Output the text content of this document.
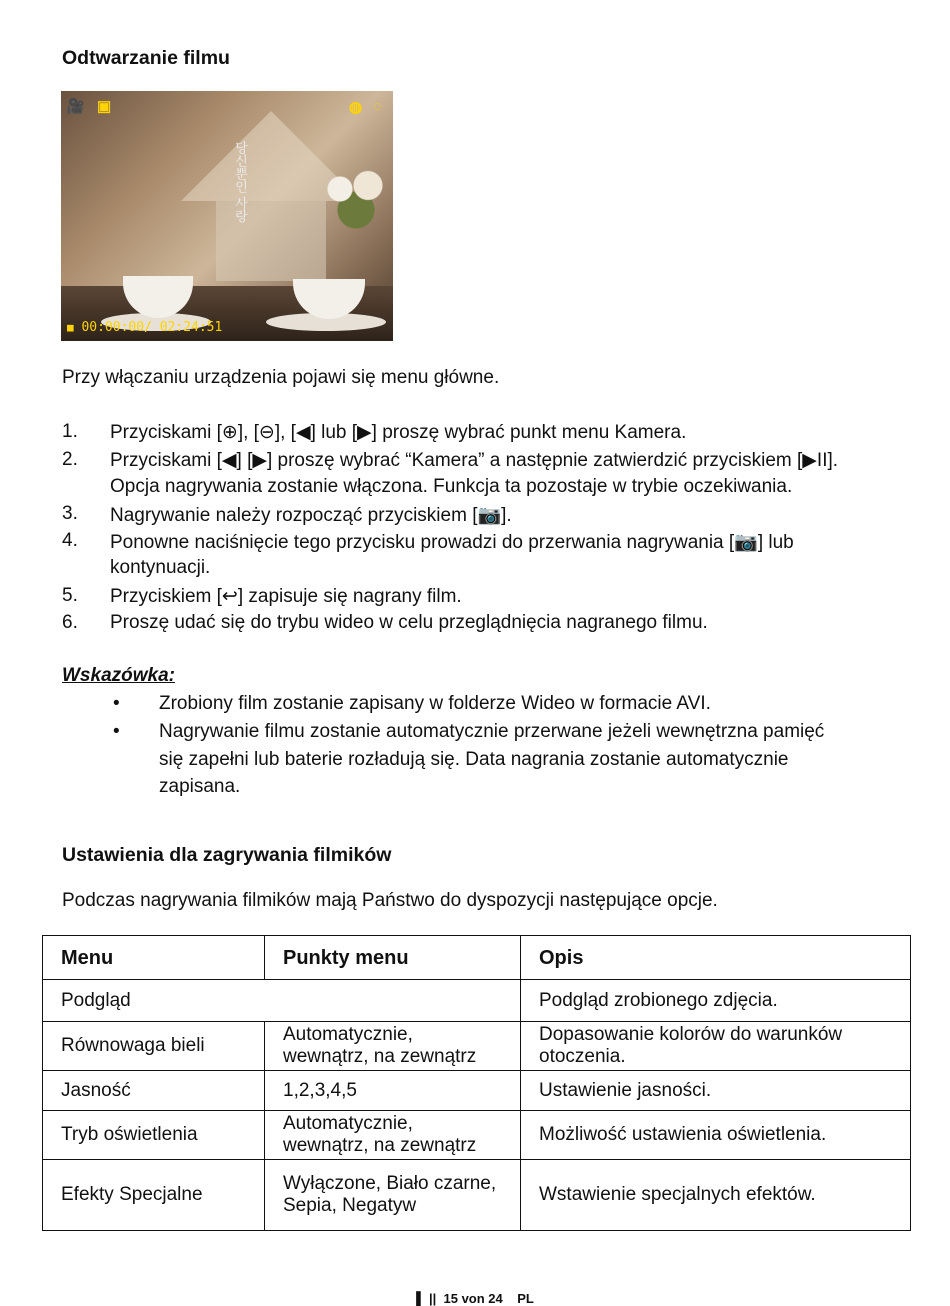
Odtwarzanie filmu
당신뿐인 사랑
🎥 ▣	◍ ◌
■ 00:00:00/ 02:24:51
Przy włączaniu urządzenia pojawi się menu główne.
1. Przyciskami [⊕], [⊖], [◀] lub [▶] proszę wybrać punkt menu Kamera.
2. Przyciskami [◀] [▶] proszę wybrać “Kamera” a następnie zatwierdzić przyciskiem [▶II].
Opcja nagrywania zostanie włączona. Funkcja ta pozostaje w trybie oczekiwania.
3. Nagrywanie należy rozpocząć przyciskiem [📷].
4. Ponowne naciśnięcie tego przycisku prowadzi do przerwania nagrywania [📷] lub
kontynuacji.
5. Przyciskiem [↩] zapisuje się nagrany film.
6. Proszę udać się do trybu wideo w celu przeglądnięcia nagranego filmu.
Wskazówka:
• Zrobiony film zostanie zapisany w folderze Wideo w formacie AVI.
• Nagrywanie filmu zostanie automatycznie przerwane jeżeli wewnętrzna pamięć
się zapełni lub baterie rozładują się. Data nagrania zostanie automatycznie
zapisana.
Ustawienia dla zagrywania filmików
Podczas nagrywania filmików mają Państwo do dyspozycji następujące opcje.
Menu	Punkty menu	Opis
Podgląd		Podgląd zrobionego zdjęcia.
Równowaga bieli	Automatycznie, wewnątrz, na zewnątrz	Dopasowanie kolorów do warunków otoczenia.
Jasność	1,2,3,4,5	Ustawienie jasności.
Tryb oświetlenia	Automatycznie, wewnątrz, na zewnątrz	Możliwość ustawienia oświetlenia.
Efekty Specjalne	Wyłączone, Biało czarne, Sepia, Negatyw	Wstawienie specjalnych efektów.
▌ || 15 von 24 PL
